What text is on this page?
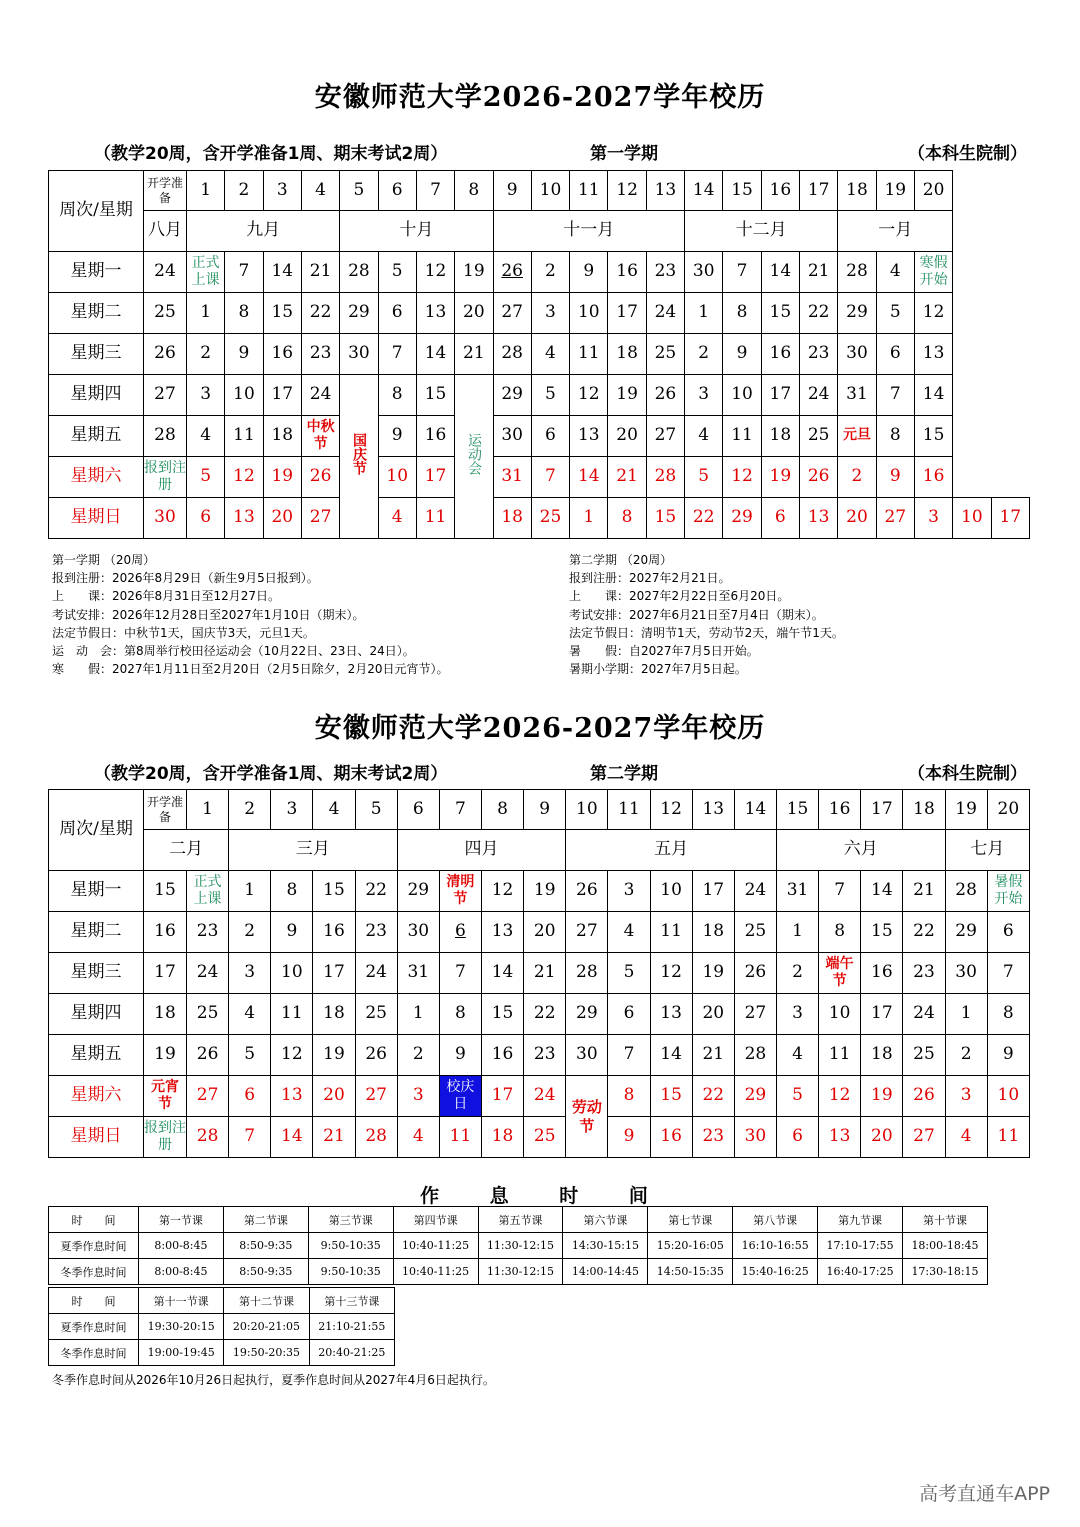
安徽师范大学2026-2027学年校历
（教学20周，含开学准备1周、期末考试2周）	第一学期	（本科生院制）
周次/星期	开学准备	1	2	3	4	5	6	7	8	9	10	11	12	13	14	15	16	17	18	19	20		
	八月	九月				十月				十一月					十二月				一月				
星期一	24	正式上课	7	14	21	28	5	12	19	26	2	9	16	23	30	7	14	21	28	4	寒假开始		
星期二	25	1	8	15	22	29	6	13	20	27	3	10	17	24	1	8	15	22	29	5	12		
星期三	26	2	9	16	23	30	7	14	21	28	4	11	18	25	2	9	16	23	30	6	13		
星期四	27	3	10	17	24	国庆节	8	15	运动会	29	5	12	19	26	3	10	17	24	31	7	14		
星期五	28	4	11	18	中秋节		9	16		30	6	13	20	27	4	11	18	25	元旦	8	15		
星期六	报到注册	5	12	19	26		10	17		31	7	14	21	28	5	12	19	26	2	9	16		
星期日	30	6	13	20	27		4	11		18	25	1	8	15	22	29	6	13	20	27	3	10	17
第一学期 （20周）
报到注册：2026年8月29日（新生9月5日报到）。
上　　课：2026年8月31日至12月27日。
考试安排：2026年12月28日至2027年1月10日（期末）。
法定节假日：中秋节1天，国庆节3天，元旦1天。
运　动　会：第8周举行校田径运动会（10月22日、23日、24日）。
寒　　假：2027年1月11日至2月20日（2月5日除夕，2月20日元宵节）。
第二学期 （20周）
报到注册：2027年2月21日。
上　　课：2027年2月22日至6月20日。
考试安排：2027年6月21日至7月4日（期末）。
法定节假日：清明节1天，劳动节2天，端午节1天。
暑　　假：自2027年7月5日开始。
暑期小学期：2027年7月5日起。
安徽师范大学2026-2027学年校历
（教学20周，含开学准备1周、期末考试2周）	第二学期	（本科生院制）
周次/星期	开学准备	1	2	3	4	5	6	7	8	9	10	11	12	13	14	15	16	17	18	19	20
	二月		三月				四月				五月					六月				七月	
星期一	15	正式上课	1	8	15	22	29	清明节	12	19	26	3	10	17	24	31	7	14	21	28	暑假开始
星期二	16	23	2	9	16	23	30	6	13	20	27	4	11	18	25	1	8	15	22	29	6
星期三	17	24	3	10	17	24	31	7	14	21	28	5	12	19	26	2	端午节	16	23	30	7
星期四	18	25	4	11	18	25	1	8	15	22	29	6	13	20	27	3	10	17	24	1	8
星期五	19	26	5	12	19	26	2	9	16	23	30	7	14	21	28	4	11	18	25	2	9
星期六	元宵节	27	6	13	20	27	3	校庆日	17	24	劳动节	8	15	22	29	5	12	19	26	3	10
星期日	报到注册	28	7	14	21	28	4	11	18	25		9	16	23	30	6	13	20	27	4	11
作 息 时 间
时　　间	第一节课	第二节课	第三节课	第四节课	第五节课	第六节课	第七节课	第八节课	第九节课	第十节课
夏季作息时间	8:00-8:45	8:50-9:35	9:50-10:35	10:40-11:25	11:30-12:15	14:30-15:15	15:20-16:05	16:10-16:55	17:10-17:55	18:00-18:45
冬季作息时间	8:00-8:45	8:50-9:35	9:50-10:35	10:40-11:25	11:30-12:15	14:00-14:45	14:50-15:35	15:40-16:25	16:40-17:25	17:30-18:15
时　　间	第十一节课	第十二节课	第十三节课
夏季作息时间	19:30-20:15	20:20-21:05	21:10-21:55
冬季作息时间	19:00-19:45	19:50-20:35	20:40-21:25
冬季作息时间从2026年10月26日起执行，夏季作息时间从2027年4月6日起执行。
高考直通车APP
